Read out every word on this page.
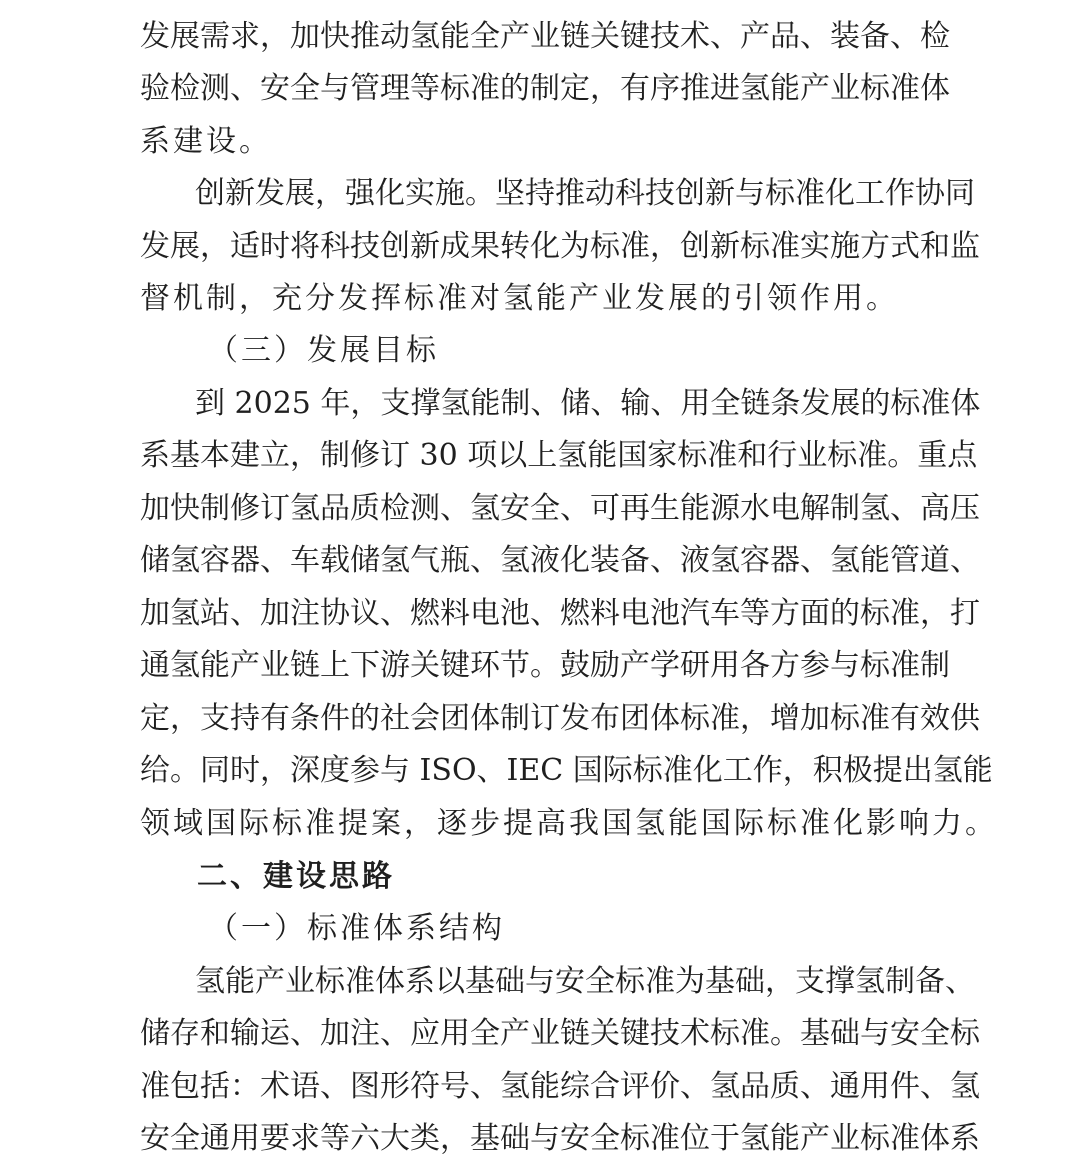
发展需求，加快推动氢能全产业链关键技术、产品、装备、检
验检测、安全与管理等标准的制定，有序推进氢能产业标准体
系建设。
创新发展，强化实施。坚持推动科技创新与标准化工作协同
发展，适时将科技创新成果转化为标准，创新标准实施方式和监
督机制，充分发挥标准对氢能产业发展的引领作用。
（三）发展目标
到 2025 年，支撑氢能制、储、输、用全链条发展的标准体
系基本建立，制修订 30 项以上氢能国家标准和行业标准。重点
加快制修订氢品质检测、氢安全、可再生能源水电解制氢、高压
储氢容器、车载储氢气瓶、氢液化装备、液氢容器、氢能管道、
加氢站、加注协议、燃料电池、燃料电池汽车等方面的标准，打
通氢能产业链上下游关键环节。鼓励产学研用各方参与标准制
定，支持有条件的社会团体制订发布团体标准，增加标准有效供
给。同时，深度参与 ISO、IEC 国际标准化工作，积极提出氢能
领域国际标准提案，逐步提高我国氢能国际标准化影响力。
二、建设思路
（一）标准体系结构
氢能产业标准体系以基础与安全标准为基础，支撑氢制备、
储存和输运、加注、应用全产业链关键技术标准。基础与安全标
准包括：术语、图形符号、氢能综合评价、氢品质、通用件、氢
安全通用要求等六大类，基础与安全标准位于氢能产业标准体系
